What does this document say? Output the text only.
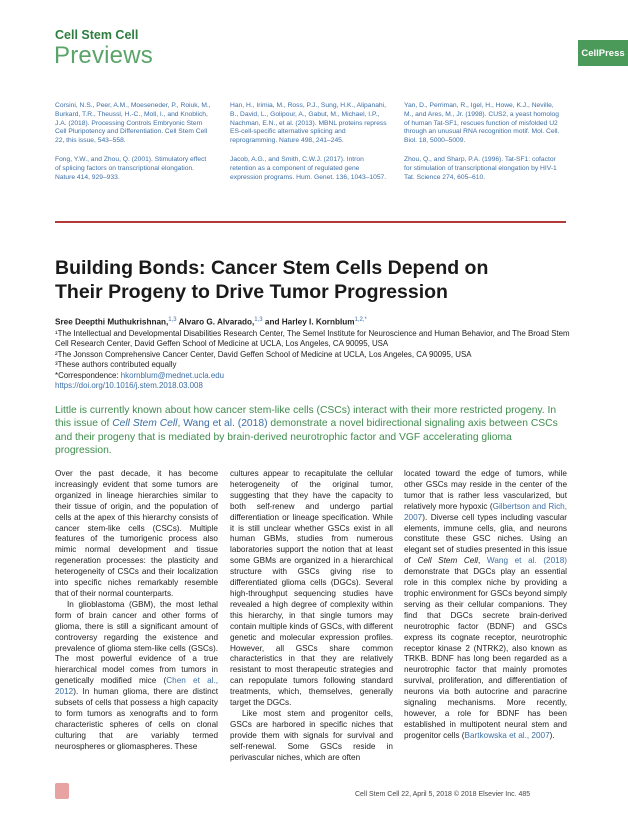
Cell Stem Cell
Previews	CellPress

Corsini, N.S., Peer, A.M., Moeseneder, P., Roiuk, M., Burkard, T.R., Theussl, H.-C., Moll, I., and Knoblich, J.A. (2018). Processing Controls Embryonic Stem Cell Pluripotency and Differentiation. Cell Stem Cell 22, this issue, 543–558.

Fong, Y.W., and Zhou, Q. (2001). Stimulatory effect of splicing factors on transcriptional elongation. Nature 414, 929–933.

Han, H., Irimia, M., Ross, P.J., Sung, H.K., Alipanahi, B., David, L., Golipour, A., Gabut, M., Michael, I.P., Nachman, E.N., et al. (2013). MBNL proteins repress ES-cell-specific alternative splicing and reprogramming. Nature 498, 241–245.

Jacob, A.G., and Smith, C.W.J. (2017). Intron retention as a component of regulated gene expression programs. Hum. Genet. 136, 1043–1057.

Yan, D., Perriman, R., Igel, H., Howe, K.J., Neville, M., and Ares, M., Jr. (1998). CUS2, a yeast homolog of human Tat-SF1, rescues function of misfolded U2 through an unusual RNA recognition motif. Mol. Cell. Biol. 18, 5000–5009.

Zhou, Q., and Sharp, P.A. (1996). Tat-SF1: cofactor for stimulation of transcriptional elongation by HIV-1 Tat. Science 274, 605–610.

Building Bonds: Cancer Stem Cells Depend on Their Progeny to Drive Tumor Progression
Sree Deepthi Muthukrishnan,$^{1,3}$ Alvaro G. Alvarado,$^{1,3}$ and Harley I. Kornblum$^{1,2,*}$
¹The Intellectual and Developmental Disabilities Research Center, The Semel Institute for Neuroscience and Human Behavior, and The Broad Stem Cell Research Center, David Geffen School of Medicine at UCLA, Los Angeles, CA 90095, USA
²The Jonsson Comprehensive Cancer Center, David Geffen School of Medicine at UCLA, Los Angeles, CA 90095, USA
³These authors contributed equally
*Correspondence: hkornblum@mednet.ucla.edu
https://doi.org/10.1016/j.stem.2018.03.008
Little is currently known about how cancer stem-like cells (CSCs) interact with their more restricted progeny. In this issue of Cell Stem Cell, Wang et al. (2018) demonstrate a novel bidirectional signaling axis between CSCs and their progeny that is mediated by brain-derived neurotrophic factor and VGF accelerating glioma progression.

Over the past decade, it has become increasingly evident that some tumors are organized in lineage hierarchies similar to their tissue of origin, and the population of cells at the apex of this hierarchy consists of cancer stem-like cells (CSCs). Multiple features of the tumorigenic process also mimic normal development and tissue regeneration processes: the plasticity and heterogeneity of CSCs and their localization into specific niches remarkably resemble that of their normal counterparts.

In glioblastoma (GBM), the most lethal form of brain cancer and other forms of glioma, there is still a significant amount of controversy regarding the existence and prevalence of glioma stem-like cells (GSCs). The most powerful evidence of a true hierarchical model comes from tumors in genetically modified mice (Chen et al., 2012). In human glioma, there are distinct subsets of cells that possess a high capacity to form tumors as xenografts and to form characteristic spheres of cells on clonal culturing that are variably termed neurospheres or gliomaspheres. These

cultures appear to recapitulate the cellular heterogeneity of the original tumor, suggesting that they have the capacity to both self-renew and undergo partial differentiation or lineage specification. While it is still unclear whether GSCs exist in all human GBMs, studies from numerous laboratories support the notion that at least some GBMs are organized in a hierarchical structure with GSCs giving rise to differentiated glioma cells (DGCs). Several high-throughput sequencing studies have revealed a high degree of complexity within this hierarchy, in that single tumors may contain multiple kinds of GSCs, with different genetic and molecular expression profiles. However, all GSCs share common characteristics in that they are relatively resistant to most therapeutic strategies and can repopulate tumors following standard treatments, which, themselves, generally target the DGCs.

Like most stem and progenitor cells, GSCs are harbored in specific niches that provide them with signals for survival and self-renewal. Some GSCs reside in perivascular niches, which are often

located toward the edge of tumors, while other GSCs may reside in the center of the tumor that is rather less vascularized, but relatively more hypoxic (Gilbertson and Rich, 2007). Diverse cell types including vascular elements, immune cells, glia, and neurons constitute these GSC niches. Using an elegant set of studies presented in this issue of Cell Stem Cell, Wang et al. (2018) demonstrate that DGCs play an essential role in this complex niche by providing a trophic environment for GSCs beyond simply serving as their cellular companions. They find that DGCs secrete brain-derived neurotrophic factor (BDNF) and GSCs express its cognate receptor, neurotrophic receptor kinase 2 (NTRK2), also known as TRKB. BDNF has long been regarded as a neurotrophic factor that mainly promotes survival, proliferation, and differentiation of neurons via both autocrine and paracrine signaling mechanisms. More recently, however, a role for BDNF has been established in multipotent neural stem and progenitor cells (Bartkowska et al., 2007).

Cell Stem Cell 22, April 5, 2018 © 2018 Elsevier Inc. 485
